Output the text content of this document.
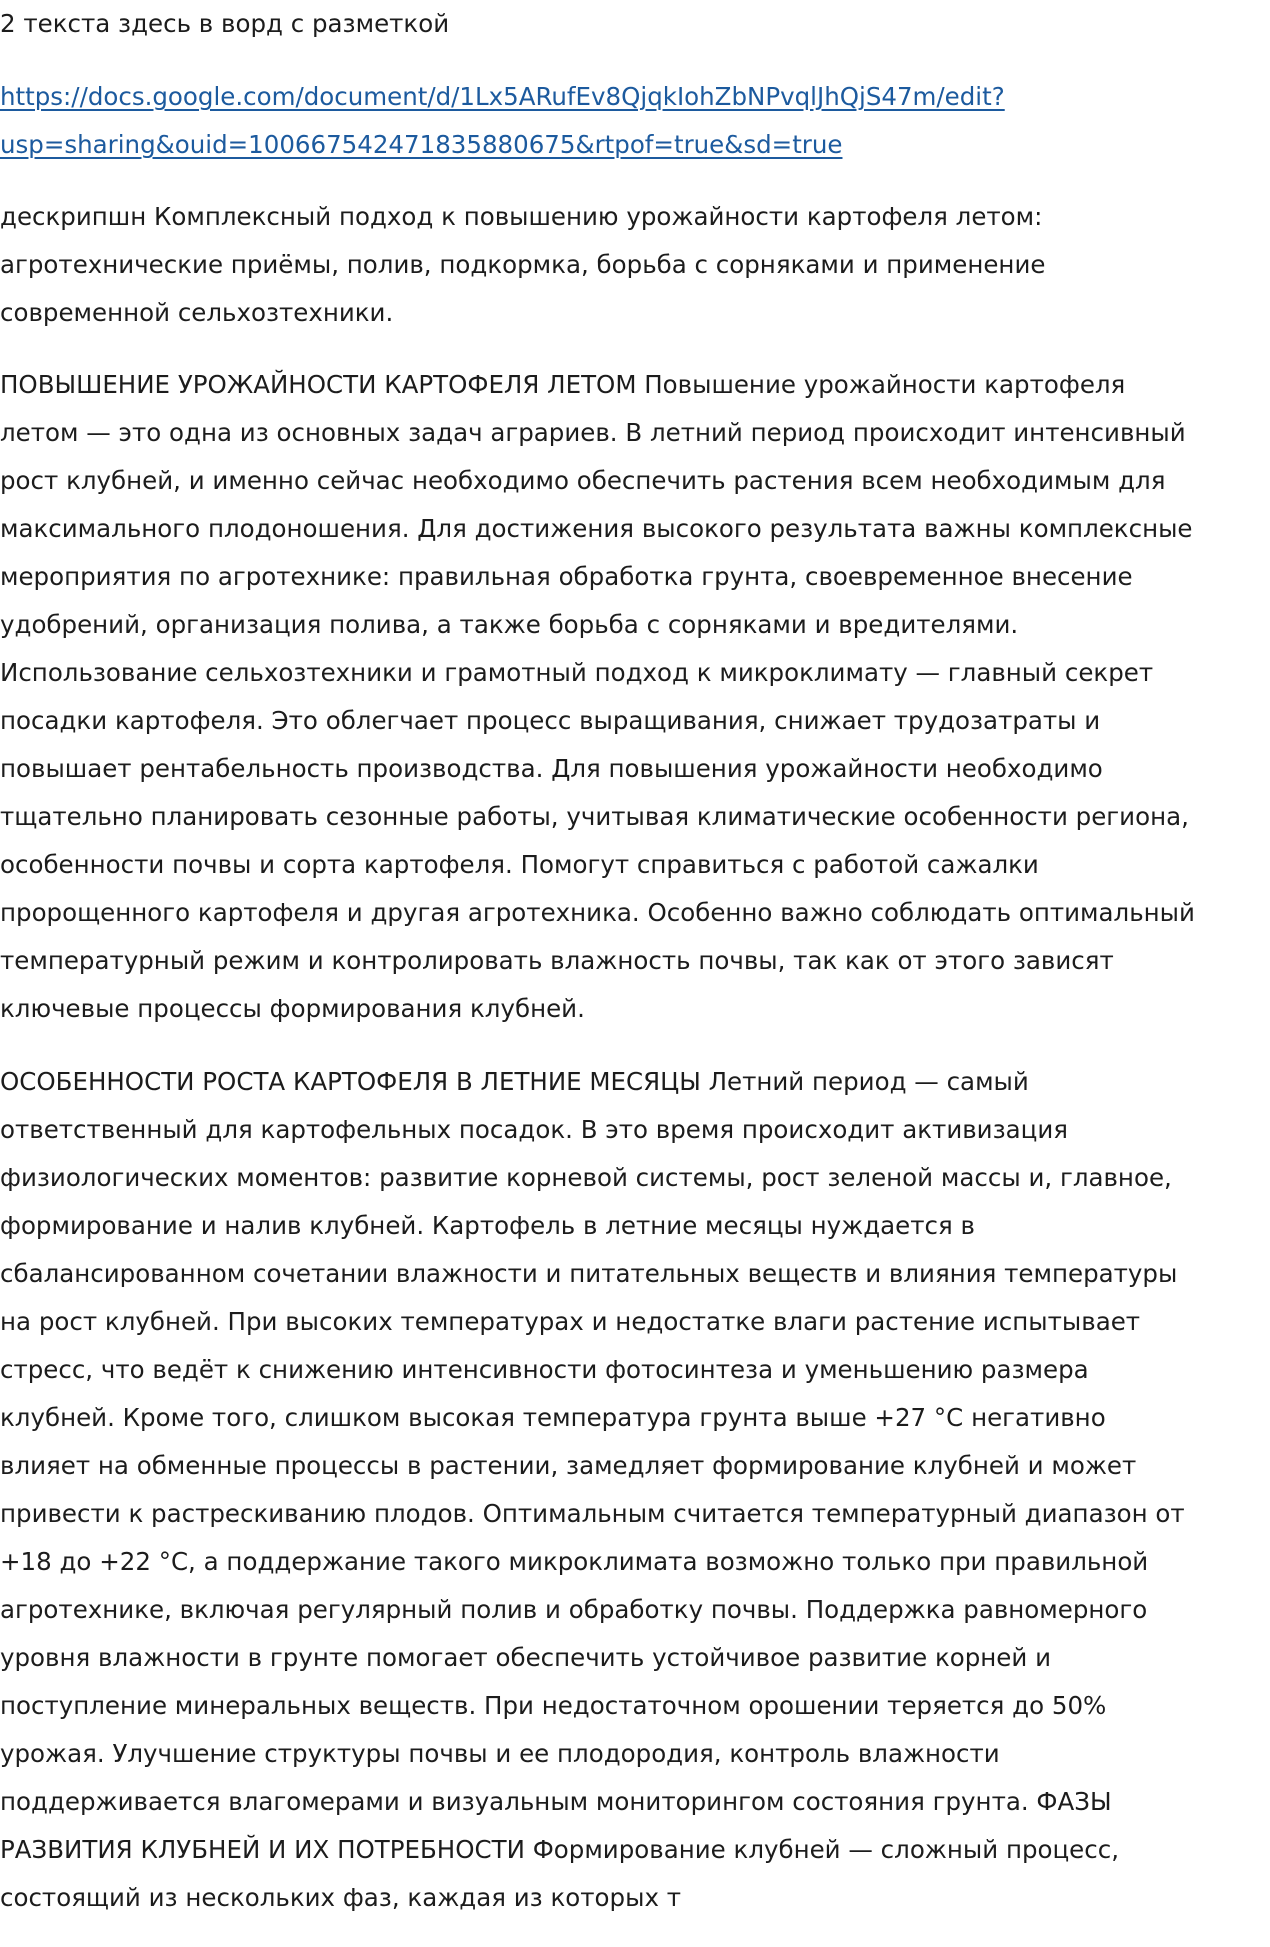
2 текста здесь в ворд с разметкой
https://docs.google.com/document/d/1Lx5ARufEv8QjqkIohZbNPvqlJhQjS47m/edit?
usp=sharing&ouid=100667542471835880675&rtpof=true&sd=true
дескрипшн Комплексный подход к повышению урожайности картофеля летом:
агротехнические приёмы, полив, подкормка, борьба с сорняками и применение
современной сельхозтехники.
ПОВЫШЕНИЕ УРОЖАЙНОСТИ КАРТОФЕЛЯ ЛЕТОМ Повышение урожайности картофеля
летом — это одна из основных задач аграриев. В летний период происходит интенсивный
рост клубней, и именно сейчас необходимо обеспечить растения всем необходимым для
максимального плодоношения. Для достижения высокого результата важны комплексные
мероприятия по агротехнике: правильная обработка грунта, своевременное внесение
удобрений, организация полива, а также борьба с сорняками и вредителями.
Использование сельхозтехники и грамотный подход к микроклимату — главный секрет
посадки картофеля. Это облегчает процесс выращивания, снижает трудозатраты и
повышает рентабельность производства. Для повышения урожайности необходимо
тщательно планировать сезонные работы, учитывая климатические особенности региона,
особенности почвы и сорта картофеля. Помогут справиться с работой сажалки
пророщенного картофеля и другая агротехника. Особенно важно соблюдать оптимальный
температурный режим и контролировать влажность почвы, так как от этого зависят
ключевые процессы формирования клубней.
ОСОБЕННОСТИ РОСТА КАРТОФЕЛЯ В ЛЕТНИЕ МЕСЯЦЫ Летний период — самый
ответственный для картофельных посадок. В это время происходит активизация
физиологических моментов: развитие корневой системы, рост зеленой массы и, главное,
формирование и налив клубней. Картофель в летние месяцы нуждается в
сбалансированном сочетании влажности и питательных веществ и влияния температуры
на рост клубней. При высоких температурах и недостатке влаги растение испытывает
стресс, что ведёт к снижению интенсивности фотосинтеза и уменьшению размера
клубней. Кроме того, слишком высокая температура грунта выше +27 °C негативно
влияет на обменные процессы в растении, замедляет формирование клубней и может
привести к растрескиванию плодов. Оптимальным считается температурный диапазон от
+18 до +22 °C, а поддержание такого микроклимата возможно только при правильной
агротехнике, включая регулярный полив и обработку почвы. Поддержка равномерного
уровня влажности в грунте помогает обеспечить устойчивое развитие корней и
поступление минеральных веществ. При недостаточном орошении теряется до 50%
урожая. Улучшение структуры почвы и ее плодородия, контроль влажности
поддерживается влагомерами и визуальным мониторингом состояния грунта. ФАЗЫ
РАЗВИТИЯ КЛУБНЕЙ И ИХ ПОТРЕБНОСТИ Формирование клубней — сложный процесс,
состоящий из нескольких фаз, каждая из которых т
